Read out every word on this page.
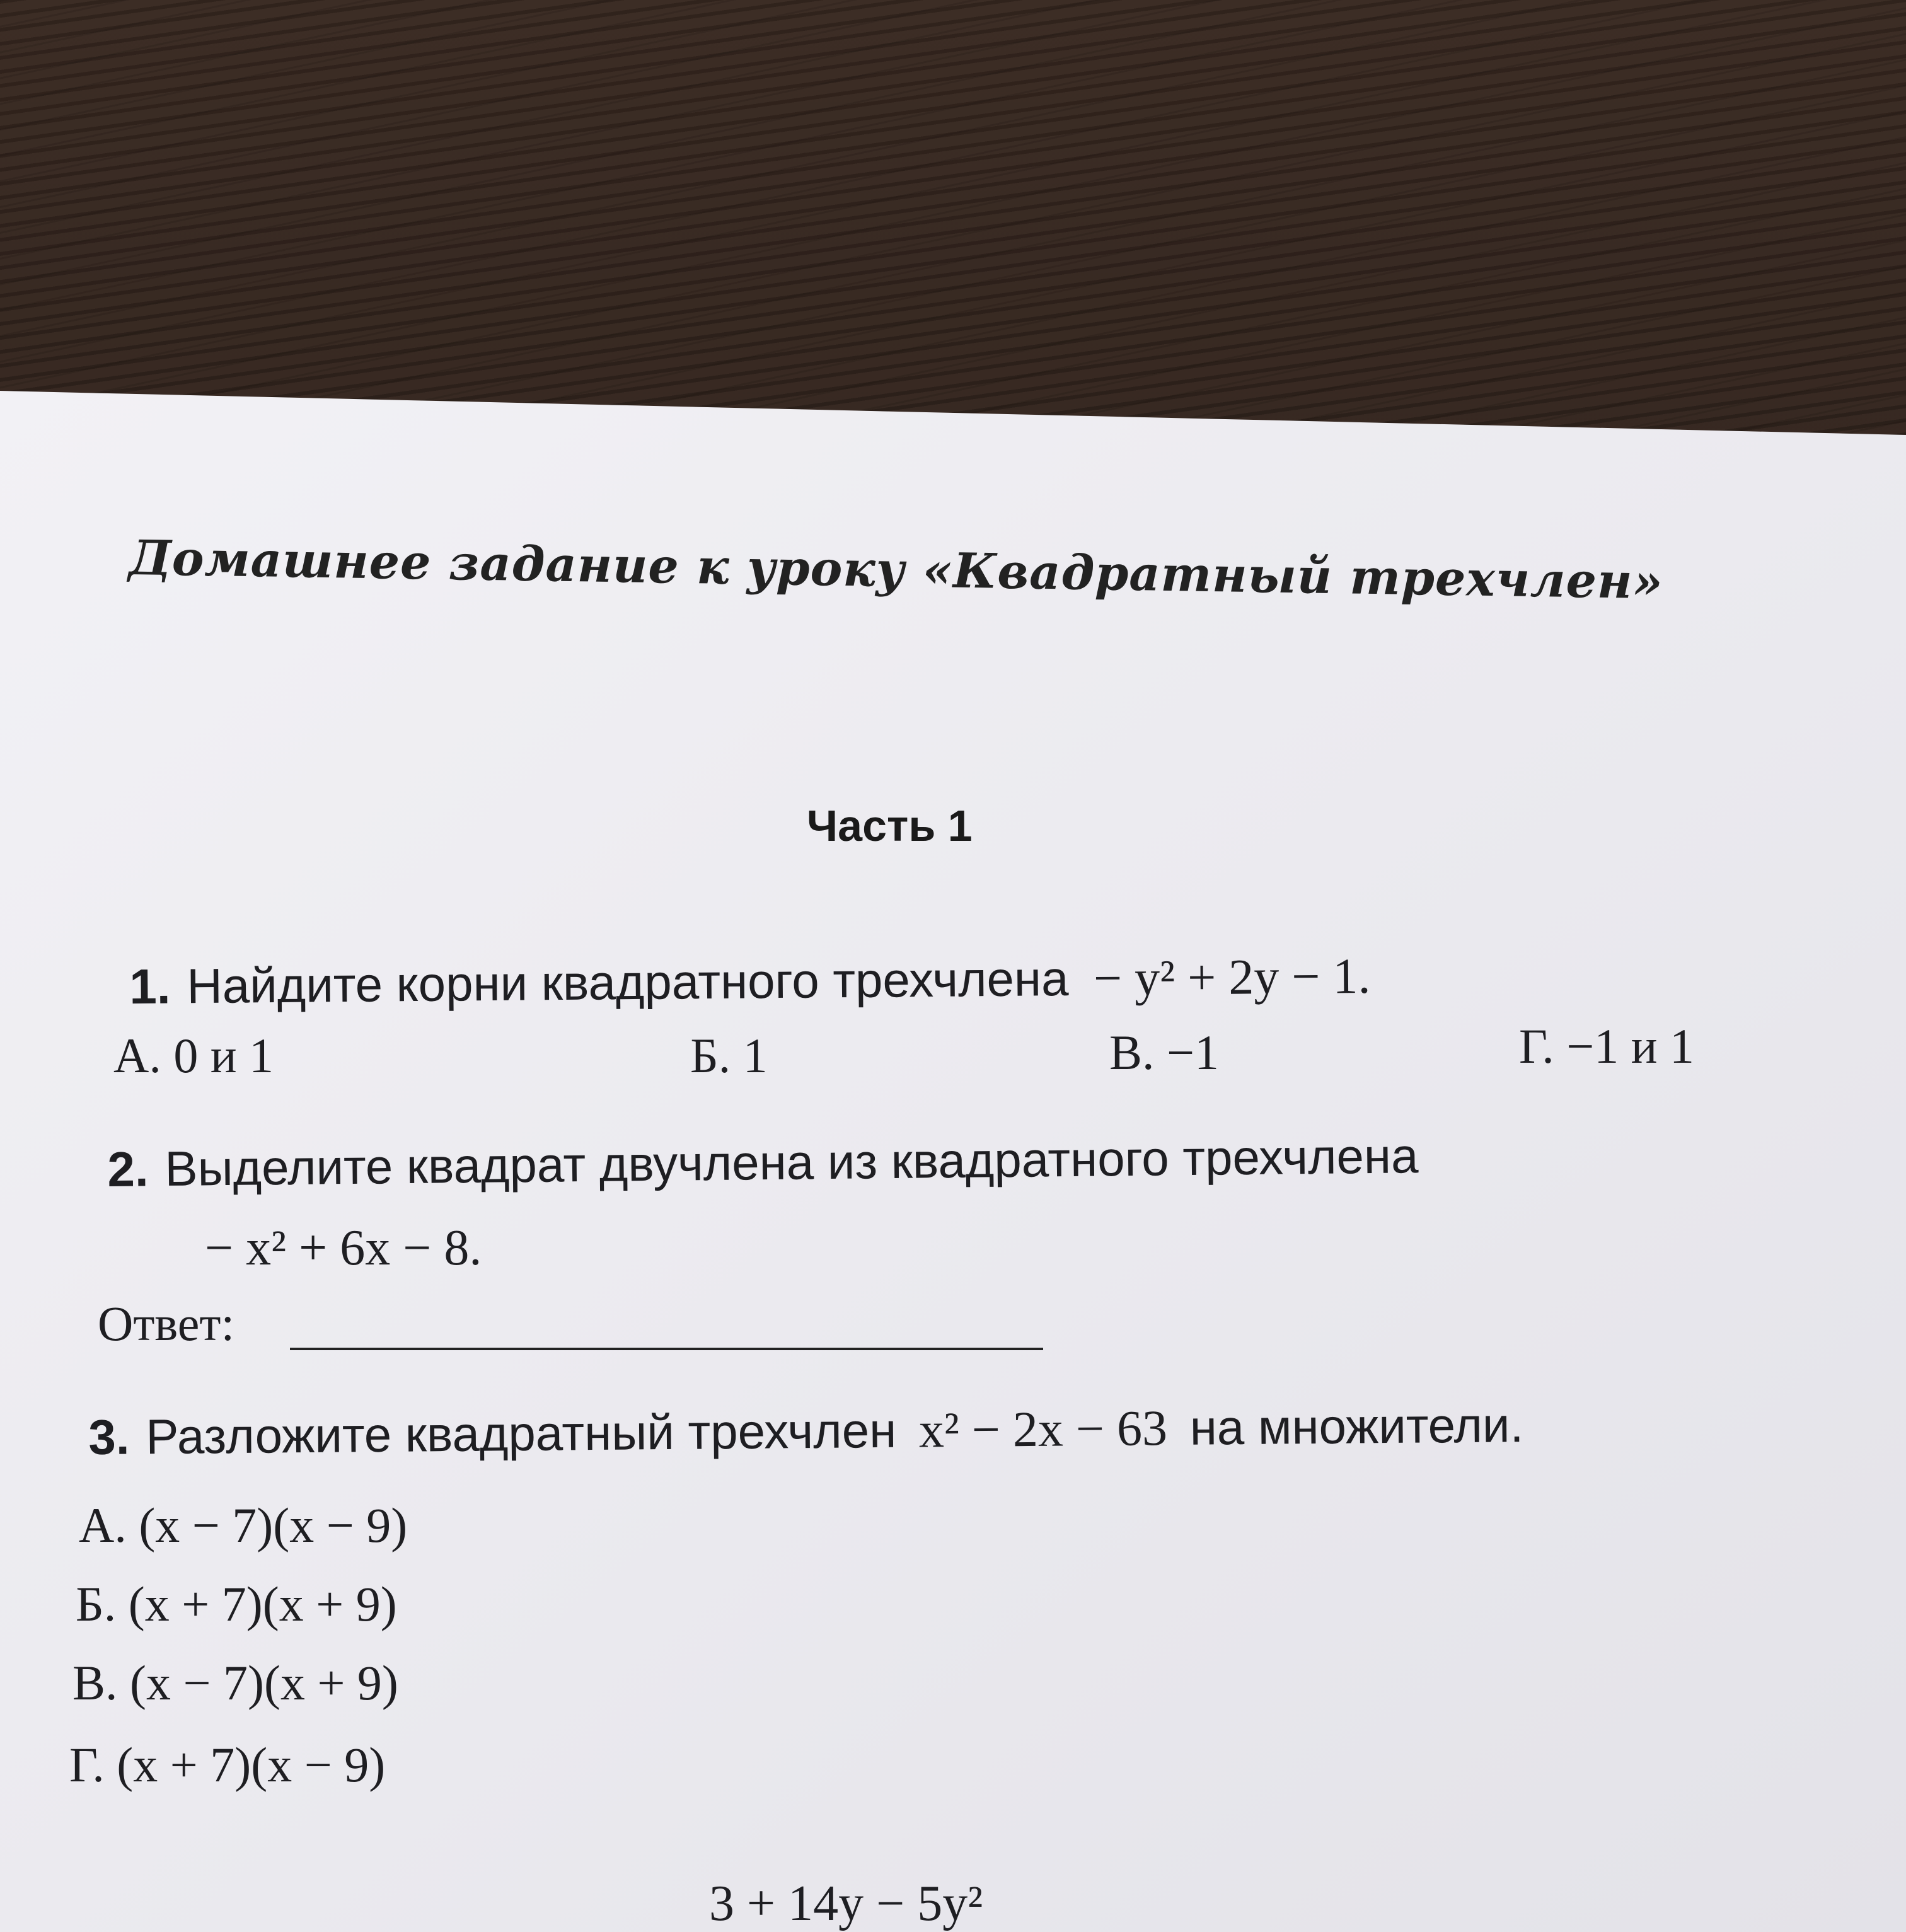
Домашнее задание к уроку «Квадратный трехчлен»
Часть 1
1. Найдите корни квадратного трехчлена − y² + 2y − 1.
А. 0 и 1	Б. 1	В. −1	Г. −1 и 1
2. Выделите квадрат двучлена из квадратного трехчлена
− x² + 6x − 8.
Ответ:
3. Разложите квадратный трехчлен x² − 2x − 63 на множители.
А. (x − 7)(x − 9)
Б. (x + 7)(x + 9)
В. (x − 7)(x + 9)
Г. (x + 7)(x − 9)
3 + 14y − 5y²
